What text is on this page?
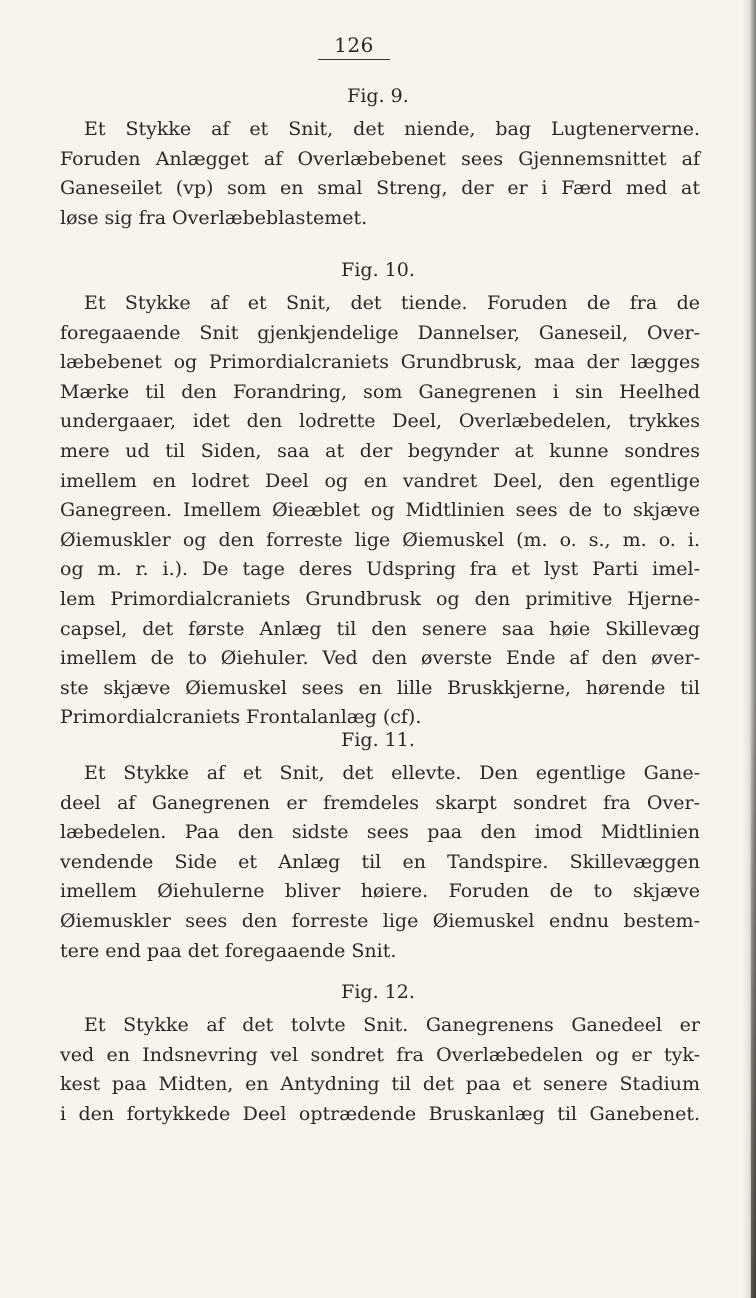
126
Fig. 9.
Et Stykke af et Snit, det niende, bag Lugtenerverne.
Foruden Anlægget af Overlæbebenet sees Gjennemsnittet af
Ganeseilet (vp) som en smal Streng, der er i Færd med at
løse sig fra Overlæbeblastemet.
Fig. 10.
Et Stykke af et Snit, det tiende. Foruden de fra de
foregaaende Snit gjenkjendelige Dannelser, Ganeseil, Over-
læbebenet og Primordialcraniets Grundbrusk, maa der lægges
Mærke til den Forandring, som Ganegrenen i sin Heelhed
undergaaer, idet den lodrette Deel, Overlæbedelen, trykkes
mere ud til Siden, saa at der begynder at kunne sondres
imellem en lodret Deel og en vandret Deel, den egentlige
Ganegreen. Imellem Øieæblet og Midtlinien sees de to skjæve
Øiemuskler og den forreste lige Øiemuskel (m. o. s., m. o. i.
og m. r. i.). De tage deres Udspring fra et lyst Parti imel-
lem Primordialcraniets Grundbrusk og den primitive Hjerne-
capsel, det første Anlæg til den senere saa høie Skillevæg
imellem de to Øiehuler. Ved den øverste Ende af den øver-
ste skjæve Øiemuskel sees en lille Bruskkjerne, hørende til
Primordialcraniets Frontalanlæg (cf).
Fig. 11.
Et Stykke af et Snit, det ellevte. Den egentlige Gane-
deel af Ganegrenen er fremdeles skarpt sondret fra Over-
læbedelen. Paa den sidste sees paa den imod Midtlinien
vendende Side et Anlæg til en Tandspire. Skillevæggen
imellem Øiehulerne bliver høiere. Foruden de to skjæve
Øiemuskler sees den forreste lige Øiemuskel endnu bestem-
tere end paa det foregaaende Snit.
Fig. 12.
Et Stykke af det tolvte Snit. Ganegrenens Ganedeel er
ved en Indsnevring vel sondret fra Overlæbedelen og er tyk-
kest paa Midten, en Antydning til det paa et senere Stadium
i den fortykkede Deel optrædende Bruskanlæg til Ganebenet.
